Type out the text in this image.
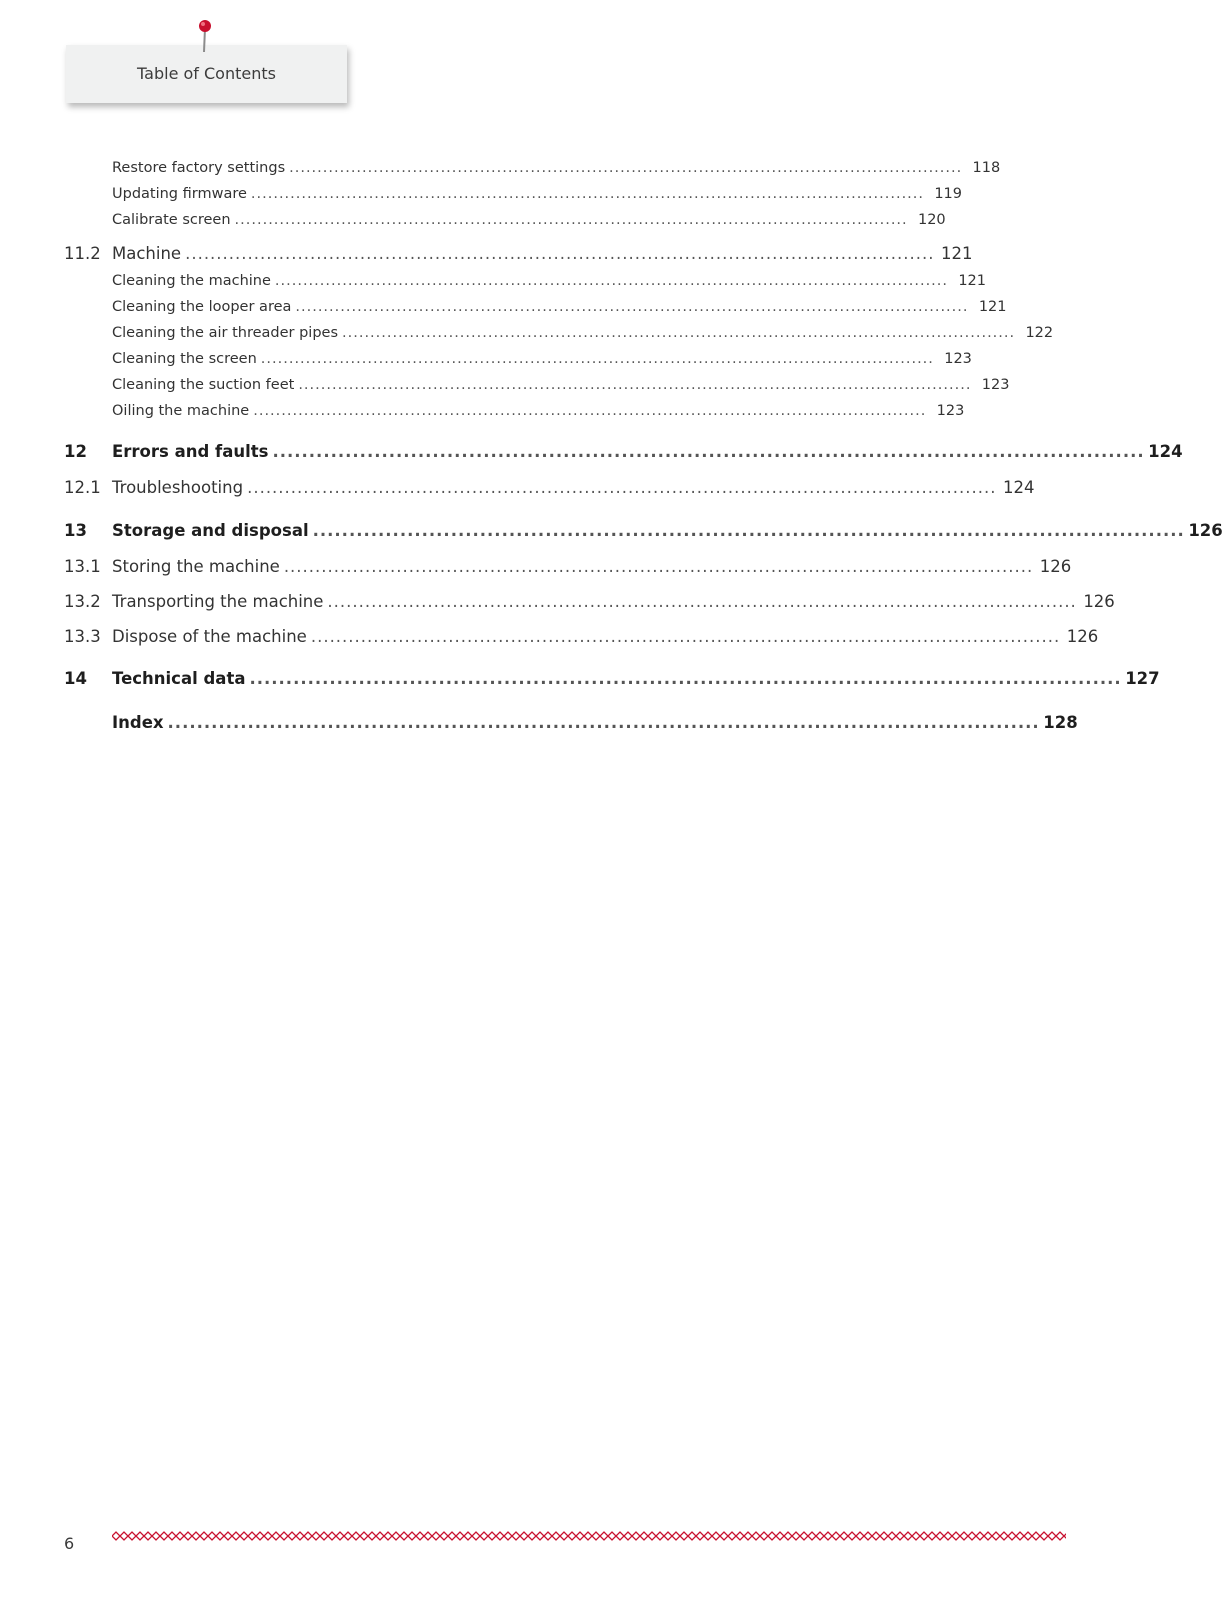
Table of Contents
Restore factory settings ........................................................................................................................ 118
Updating firmware ........................................................................................................................ 119
Calibrate screen ........................................................................................................................ 120
11.2 Machine ........................................................................................................................ 121
Cleaning the machine ........................................................................................................................ 121
Cleaning the looper area ........................................................................................................................ 121
Cleaning the air threader pipes ........................................................................................................................ 122
Cleaning the screen ........................................................................................................................ 123
Cleaning the suction feet ........................................................................................................................ 123
Oiling the machine ........................................................................................................................ 123
12 Errors and faults ........................................................................................................................ 124
12.1 Troubleshooting ........................................................................................................................ 124
13 Storage and disposal ........................................................................................................................ 126
13.1 Storing the machine ........................................................................................................................ 126
13.2 Transporting the machine ........................................................................................................................ 126
13.3 Dispose of the machine ........................................................................................................................ 126
14 Technical data ........................................................................................................................ 127
Index ........................................................................................................................ 128
6
